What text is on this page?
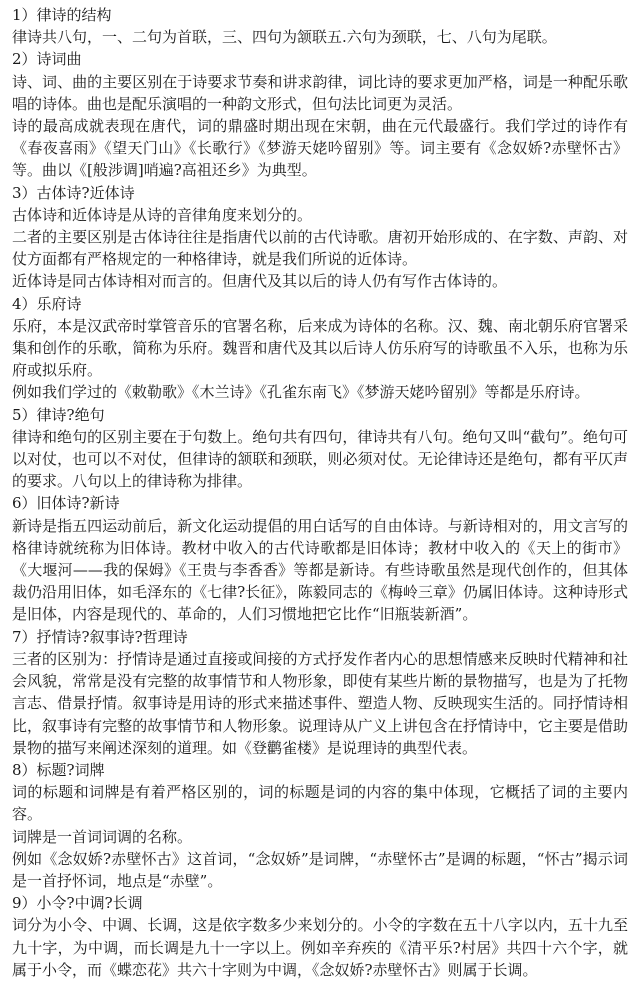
1）律诗的结构

律诗共八句，一、二句为首联，三、四句为颔联五.六句为颈联，七、八句为尾联。

2）诗词曲

诗、词、曲的主要区别在于诗要求节奏和讲求韵律，词比诗的要求更加严格，词是一种配乐歌唱的诗体。曲也是配乐演唱的一种韵文形式，但句法比词更为灵活。

诗的最高成就表现在唐代，词的鼎盛时期出现在宋朝，曲在元代最盛行。我们学过的诗作有《春夜喜雨》《望天门山》《长歌行》《梦游天姥吟留别》等。词主要有《念奴娇?赤壁怀古》等。曲以《[般涉调]哨遍?高祖还乡》为典型。

3）古体诗?近体诗

古体诗和近体诗是从诗的音律角度来划分的。

二者的主要区别是古体诗往往是指唐代以前的古代诗歌。唐初开始形成的、在字数、声韵、对仗方面都有严格规定的一种格律诗，就是我们所说的近体诗。

近体诗是同古体诗相对而言的。但唐代及其以后的诗人仍有写作古体诗的。

4）乐府诗

乐府，本是汉武帝时掌管音乐的官署名称，后来成为诗体的名称。汉、魏、南北朝乐府官署采集和创作的乐歌，简称为乐府。魏晋和唐代及其以后诗人仿乐府写的诗歌虽不入乐，也称为乐府或拟乐府。

例如我们学过的《敕勒歌》《木兰诗》《孔雀东南飞》《梦游天姥吟留别》等都是乐府诗。

5）律诗?绝句

律诗和绝句的区别主要在于句数上。绝句共有四句，律诗共有八句。绝句又叫“截句”。绝句可以对仗，也可以不对仗，但律诗的颔联和颈联，则必须对仗。无论律诗还是绝句，都有平仄声的要求。八句以上的律诗称为排律。

6）旧体诗?新诗

新诗是指五四运动前后，新文化运动提倡的用白话写的自由体诗。与新诗相对的，用文言写的格律诗就统称为旧体诗。教材中收入的古代诗歌都是旧体诗；教材中收入的《天上的街市》《大堰河——我的保姆》《王贵与李香香》等都是新诗。有些诗歌虽然是现代创作的，但其体裁仍沿用旧体，如毛泽东的《七律?长征》，陈毅同志的《梅岭三章》仍属旧体诗。这种诗形式是旧体，内容是现代的、革命的，人们习惯地把它比作“旧瓶装新酒”。

7）抒情诗?叙事诗?哲理诗

三者的区别为：抒情诗是通过直接或间接的方式抒发作者内心的思想情感来反映时代精神和社会风貌，常常是没有完整的故事情节和人物形象，即使有某些片断的景物描写，也是为了托物言志、借景抒情。叙事诗是用诗的形式来描述事件、塑造人物、反映现实生活的。同抒情诗相比，叙事诗有完整的故事情节和人物形象。说理诗从广义上讲包含在抒情诗中，它主要是借助景物的描写来阐述深刻的道理。如《登鹳雀楼》是说理诗的典型代表。

8）标题?词牌

词的标题和词牌是有着严格区别的，词的标题是词的内容的集中体现，它概括了词的主要内容。

词牌是一首词词调的名称。

例如《念奴娇?赤壁怀古》这首词，“念奴娇”是词牌，“赤壁怀古”是调的标题，“怀古”揭示词是一首抒怀词，地点是“赤壁”。

9）小令?中调?长调

词分为小令、中调、长调，这是依字数多少来划分的。小令的字数在五十八字以内，五十九至九十字，为中调，而长调是九十一字以上。例如辛弃疾的《清平乐?村居》共四十六个字，就属于小令，而《蝶恋花》共六十字则为中调，《念奴娇?赤壁怀古》则属于长调。
